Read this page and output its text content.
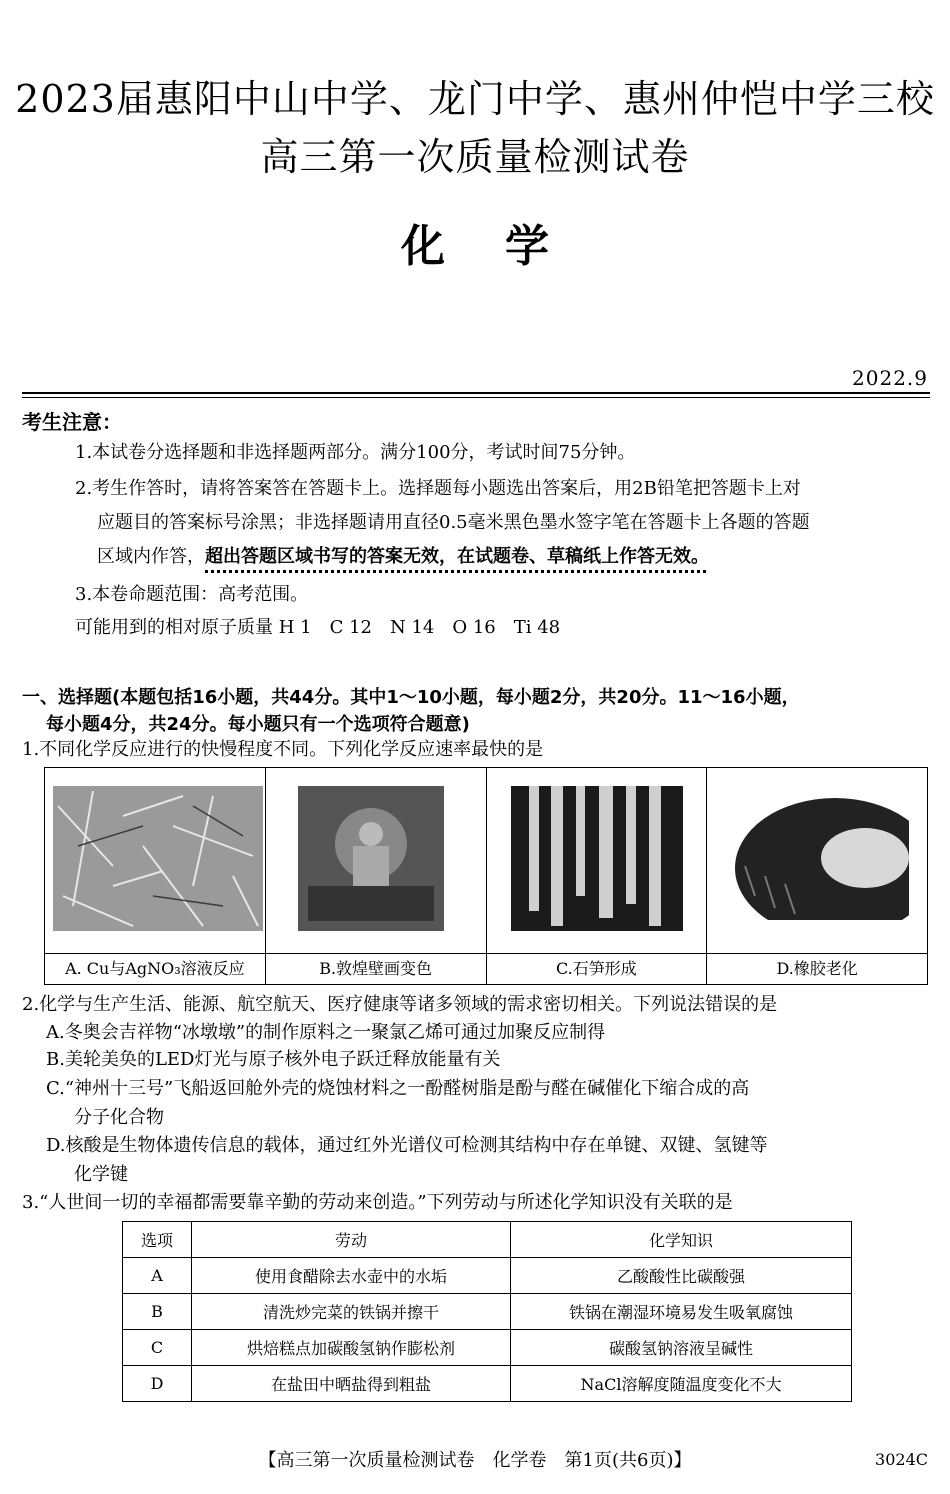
2023届惠阳中山中学、龙门中学、惠州仲恺中学三校
高三第一次质量检测试卷
化学
2022.9
考生注意：
1.本试卷分选择题和非选择题两部分。满分100分，考试时间75分钟。
2.考生作答时，请将答案答在答题卡上。选择题每小题选出答案后，用2B铅笔把答题卡上对
应题目的答案标号涂黑；非选择题请用直径0.5毫米黑色墨水签字笔在答题卡上各题的答题
区域内作答，超出答题区域书写的答案无效，在试题卷、草稿纸上作答无效。
3.本卷命题范围：高考范围。
可能用到的相对原子质量 H 1　C 12　N 14　O 16　Ti 48
一、选择题(本题包括16小题，共44分。其中1～10小题，每小题2分，共20分。11～16小题，
每小题4分，共24分。每小题只有一个选项符合题意)
1.不同化学反应进行的快慢程度不同。下列化学反应速率最快的是
A. Cu与AgNO₃溶液反应	B.敦煌壁画变色	C.石笋形成	D.橡胶老化
2.化学与生产生活、能源、航空航天、医疗健康等诸多领域的需求密切相关。下列说法错误的是
A.冬奥会吉祥物“冰墩墩”的制作原料之一聚氯乙烯可通过加聚反应制得
B.美轮美奂的LED灯光与原子核外电子跃迁释放能量有关
C.“神州十三号”飞船返回舱外壳的烧蚀材料之一酚醛树脂是酚与醛在碱催化下缩合成的高
分子化合物
D.核酸是生物体遗传信息的载体，通过红外光谱仪可检测其结构中存在单键、双键、氢键等
化学键
3.“人世间一切的幸福都需要靠辛勤的劳动来创造。”下列劳动与所述化学知识没有关联的是
选项	劳动	化学知识
A	使用食醋除去水壶中的水垢	乙酸酸性比碳酸强
B	清洗炒完菜的铁锅并擦干	铁锅在潮湿环境易发生吸氧腐蚀
C	烘焙糕点加碳酸氢钠作膨松剂	碳酸氢钠溶液呈碱性
D	在盐田中晒盐得到粗盐	NaCl溶解度随温度变化不大
【高三第一次质量检测试卷　化学卷　第1页(共6页)】	3024C
